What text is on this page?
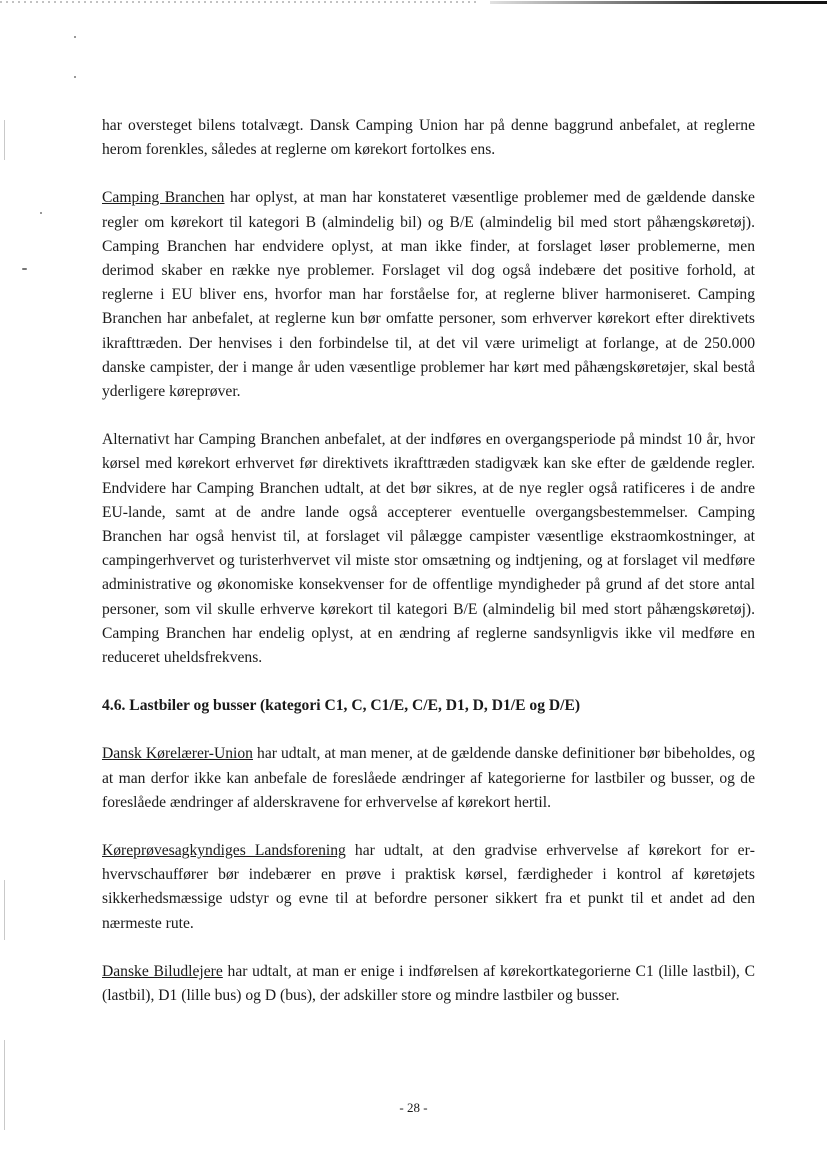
har oversteget bilens totalvægt. Dansk Camping Union har på denne baggrund anbefalet, at reglerne herom forenkles, således at reglerne om kørekort fortolkes ens.

Camping Branchen har oplyst, at man har konstateret væsentlige problemer med de gældende danske regler om kørekort til kategori B (almindelig bil) og B/E (almindelig bil med stort påhængskøretøj). Camping Branchen har endvidere oplyst, at man ikke finder, at forslaget løser problemerne, men derimod skaber en række nye problemer. Forslaget vil dog også indebære det positive forhold, at reglerne i EU bliver ens, hvorfor man har forståelse for, at reglerne bliver harmoniseret. Camping Branchen har anbefalet, at reglerne kun bør omfatte personer, som erhverver kørekort efter direktivets ikrafttræden. Der henvises i den forbindelse til, at det vil være urimeligt at forlange, at de 250.000 danske campister, der i mange år uden væsentlige problemer har kørt med påhængskøretøjer, skal bestå yderligere køreprøver.

Alternativt har Camping Branchen anbefalet, at der indføres en overgangsperiode på mindst 10 år, hvor kørsel med kørekort erhvervet før direktivets ikrafttræden stadigvæk kan ske efter de gældende regler. Endvidere har Camping Branchen udtalt, at det bør sikres, at de nye regler også ratificeres i de andre EU-lande, samt at de andre lande også accepterer eventuelle overgangsbestemmelser. Camping Branchen har også henvist til, at forslaget vil pålægge campister væsentlige ekstraomkostninger, at campingerhvervet og turisterhvervet vil miste stor omsætning og indtjening, og at forslaget vil medføre administrative og økonomiske konsekvenser for de offentlige myndigheder på grund af det store antal personer, som vil skulle erhverve kørekort til kategori B/E (almindelig bil med stort påhængskøretøj). Camping Branchen har endelig oplyst, at en ændring af reglerne sandsynligvis ikke vil medføre en reduceret uheldsfrekvens.

4.6. Lastbiler og busser (kategori C1, C, C1/E, C/E, D1, D, D1/E og D/E)

Dansk Kørelærer-Union har udtalt, at man mener, at de gældende danske definitioner bør bibeholdes, og at man derfor ikke kan anbefale de foreslåede ændringer af kategorierne for lastbiler og busser, og de foreslåede ændringer af alderskravene for erhvervelse af kørekort hertil.

Køreprøvesagkyndiges Landsforening har udtalt, at den gradvise erhvervelse af kørekort for erhvervschauffører bør indebærer en prøve i praktisk kørsel, færdigheder i kontrol af køretøjets sikkerhedsmæssige udstyr og evne til at befordre personer sikkert fra et punkt til et andet ad den nærmeste rute.

Danske Biludlejere har udtalt, at man er enige i indførelsen af kørekortkategorierne C1 (lille lastbil), C (lastbil), D1 (lille bus) og D (bus), der adskiller store og mindre lastbiler og busser.

- 28 -
